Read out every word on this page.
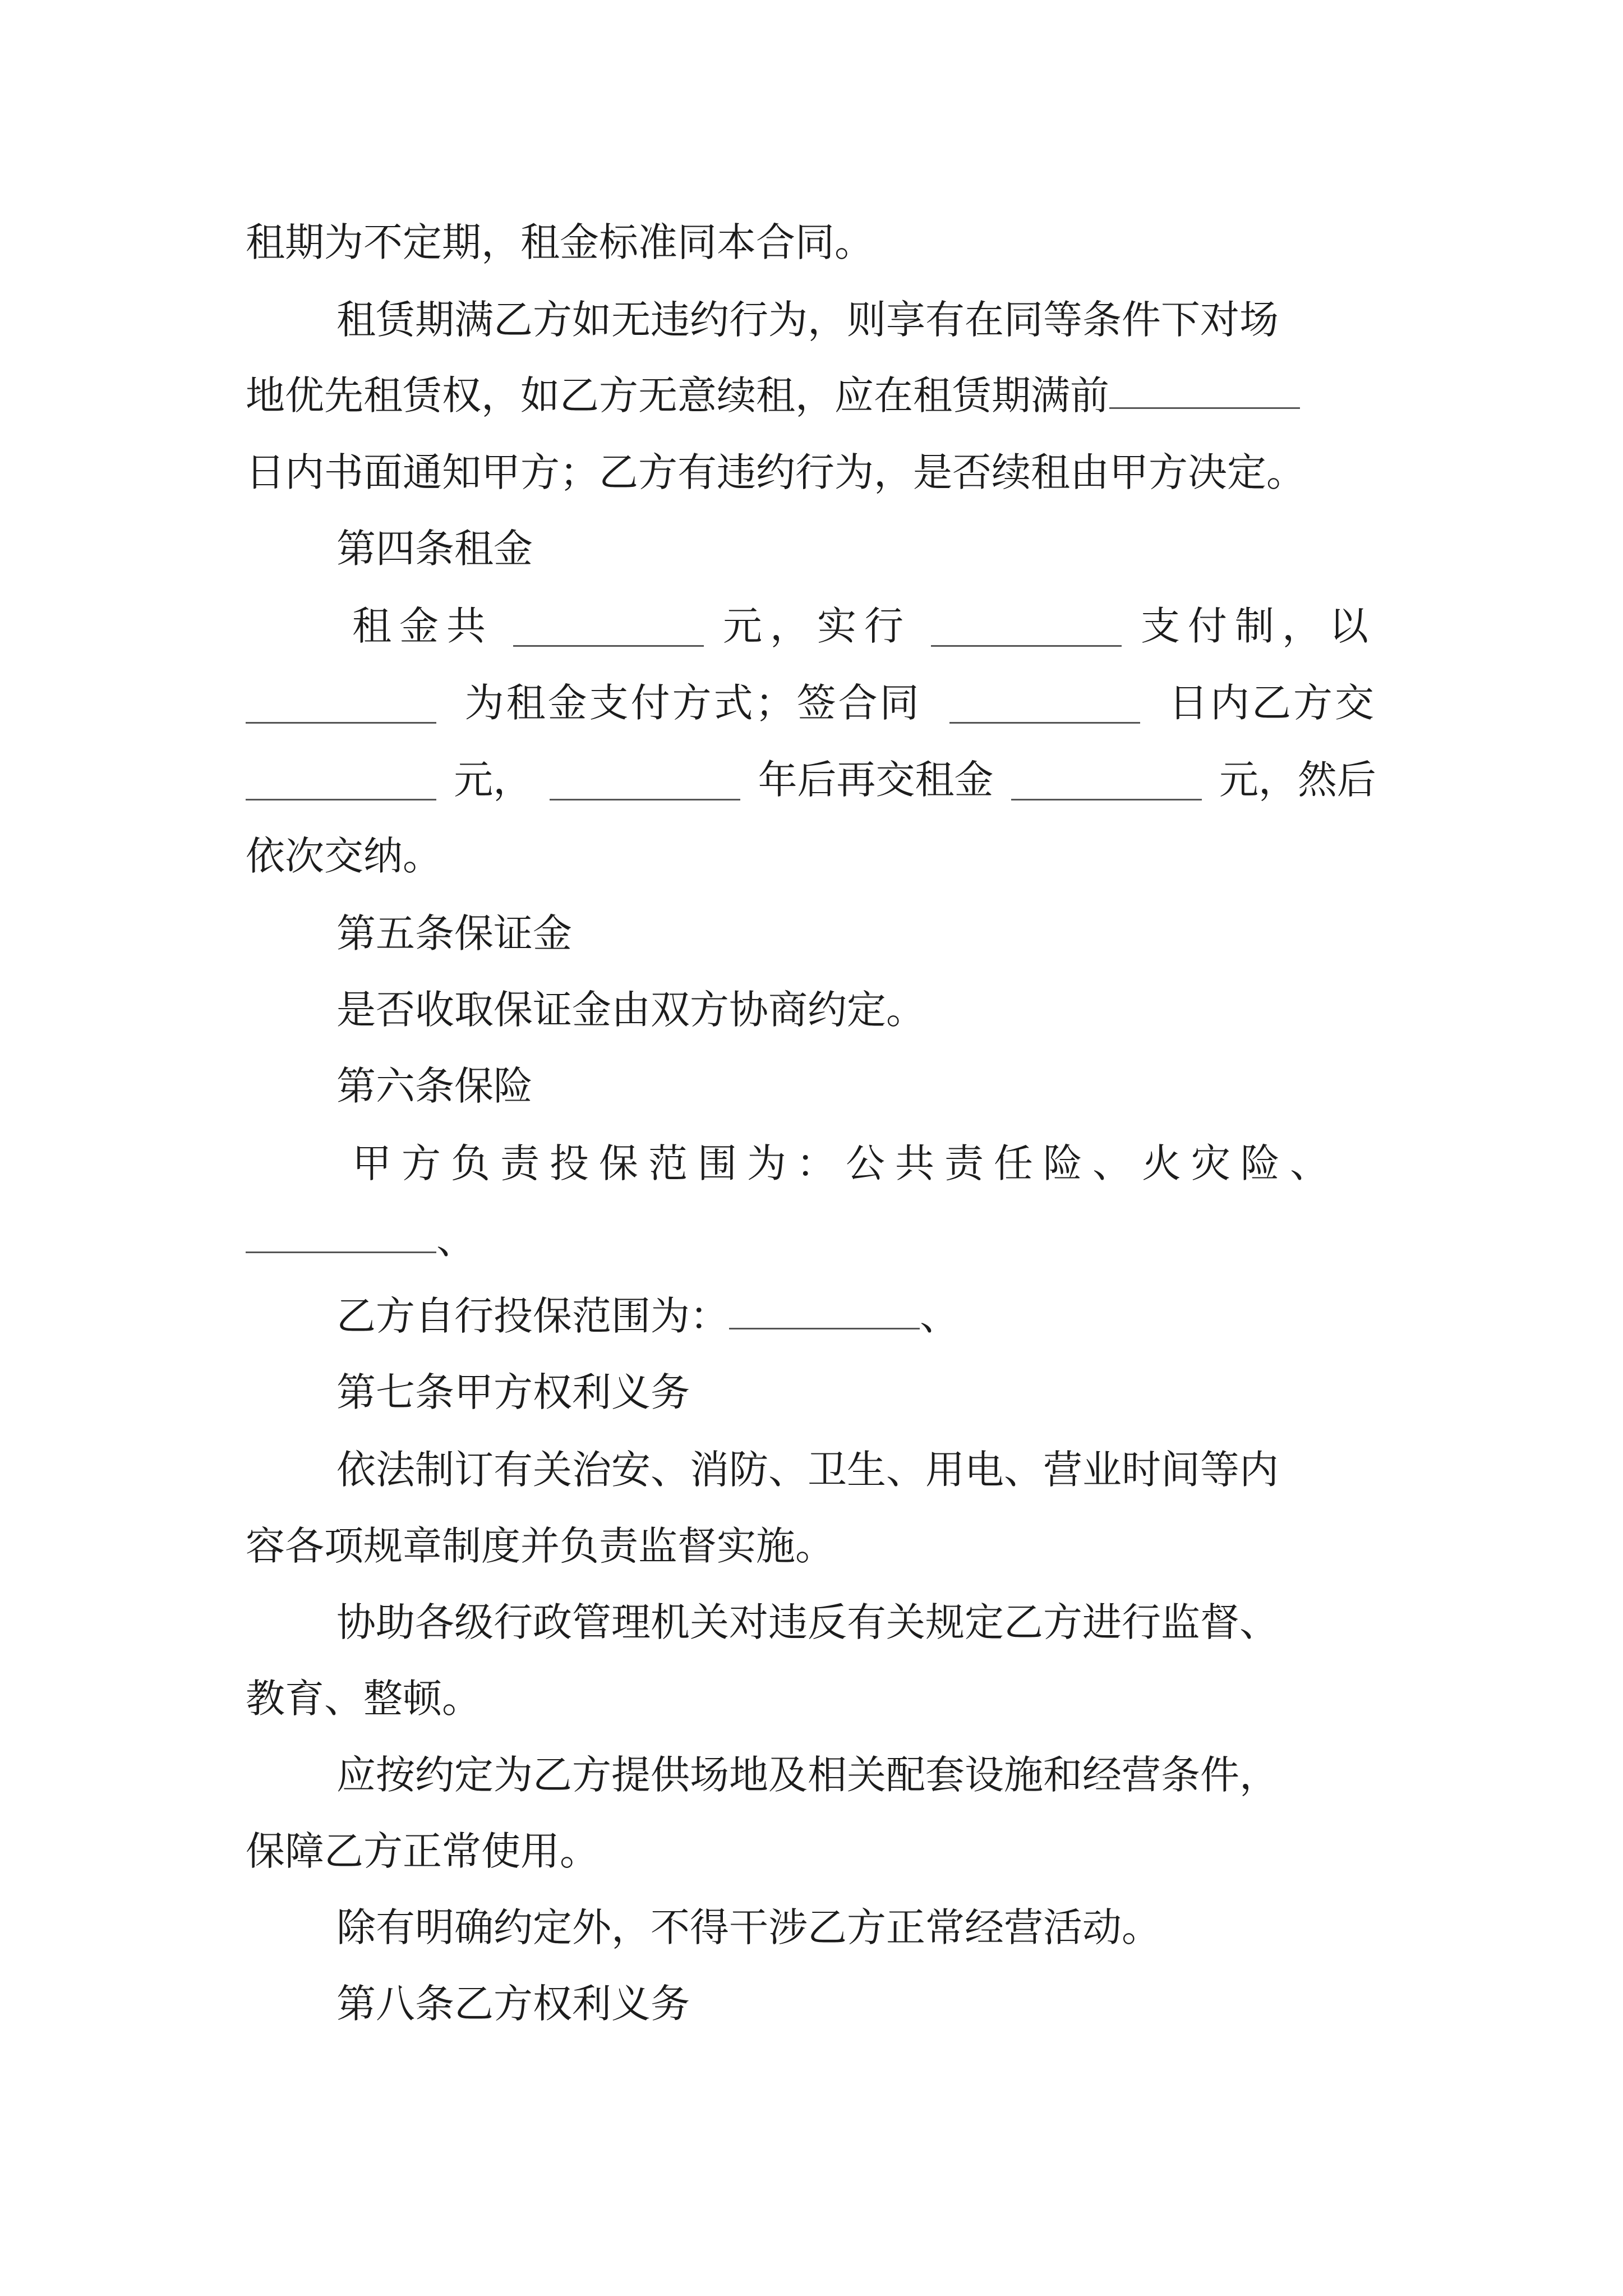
租期为不定期，租金标准同本合同。
租赁期满乙方如无违约行为，则享有在同等条件下对场
地优先租赁权，如乙方无意续租，应在租赁期满前
日内书面通知甲方；乙方有违约行为，是否续租由甲方决定。
第四条租金
租金共	元，实行	支付制，以
为租金支付方式；签合同	日内乙方交
元，	年后再交租金	元，然后
依次交纳。
第五条保证金
是否收取保证金由双方协商约定。
第六条保险
甲方负责投保范围为：公共责任险、火灾险、
、
乙方自行投保范围为：	、
第七条甲方权利义务
依法制订有关治安、消防、卫生、用电、营业时间等内
容各项规章制度并负责监督实施。
协助各级行政管理机关对违反有关规定乙方进行监督、
教育、整顿。
应按约定为乙方提供场地及相关配套设施和经营条件，
保障乙方正常使用。
除有明确约定外，不得干涉乙方正常经营活动。
第八条乙方权利义务
